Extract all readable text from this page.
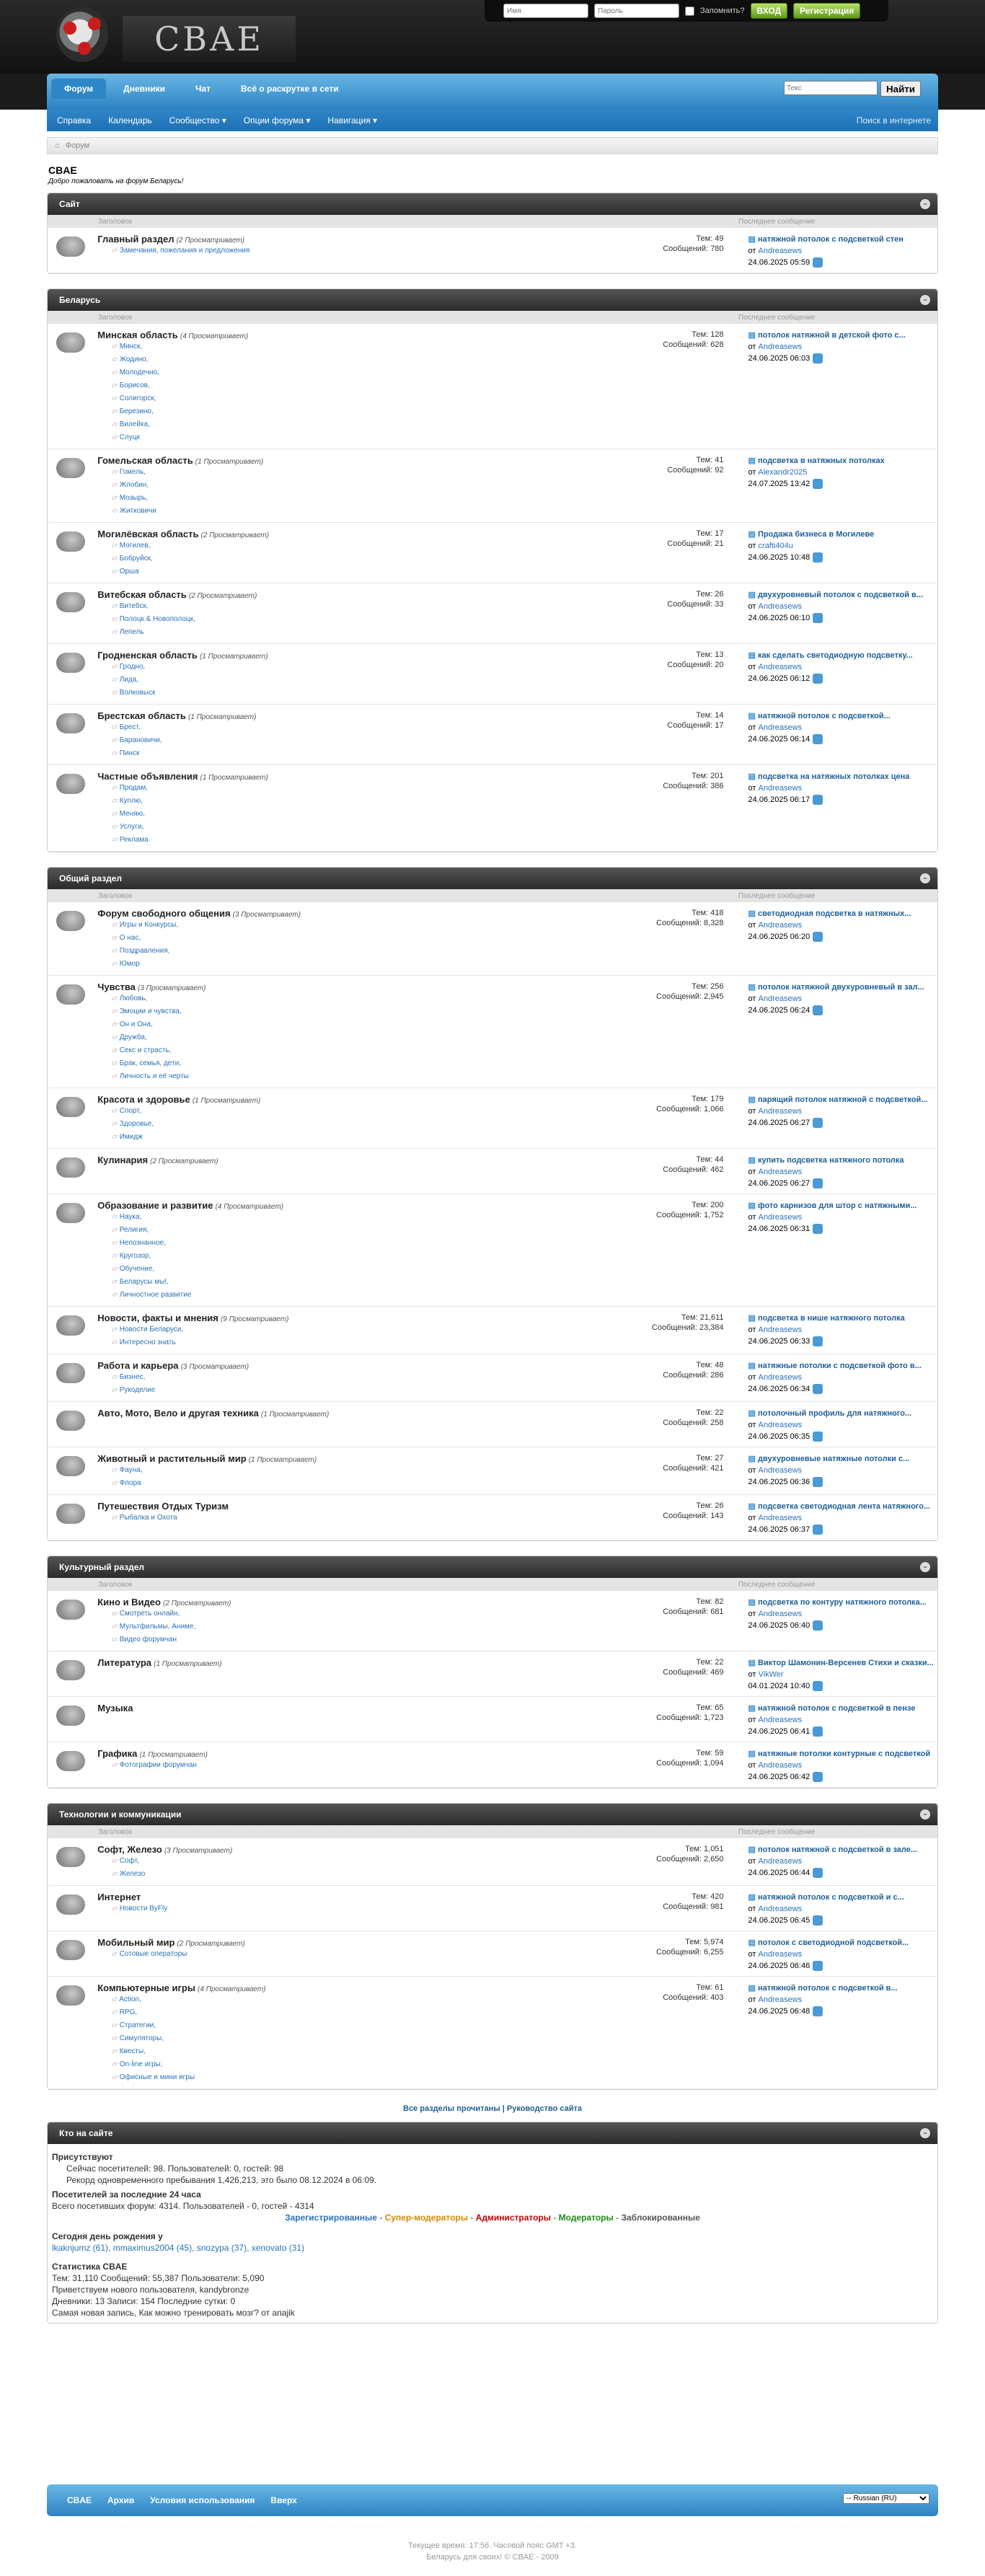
CBAE
Имя
Пароль
Запомнить?	ВХОД	Регистрация
Форум	Дневники	Чат	Всё о раскрутке в сети
Текс	Найти
Справка Календарь Сообщество ▾ Опции форума ▾ Навигация ▾	Поиск в интернете
⌂ Форум
CBAE
Добро пожаловать на форум Беларусь!
Сайт	−
Заголовок	Последнее сообщение
Главный раздел (2 Просматривает)
▱ Замечания, пожелания и предложения
Тем: 49
Сообщений: 780
▤ натяжной потолок с подсветкой стен
от Andreasews
24.06.2025 05:59
Беларусь	−
Заголовок	Последнее сообщение
Минская область (4 Просматривает)
▱ Минск,
▱ Жодино,
▱ Молодечно,
▱ Борисов,
▱ Солигорск,
▱ Березино,
▱ Вилейка,
▱ Слуцк
Тем: 128
Сообщений: 628
▤ потолок натяжной в детской фото с...
от Andreasews
24.06.2025 06:03
Гомельская область (1 Просматривает)
▱ Гомель,
▱ Жлобин,
▱ Мозырь,
▱ Житковичи
Тем: 41
Сообщений: 92
▤ подсветка в натяжных потолках
от Alexandr2025
24.07.2025 13:42
Могилёвская область (2 Просматривает)
▱ Могилев,
▱ Бобруйск,
▱ Орша
Тем: 17
Сообщений: 21
▤ Продажа бизнеса в Могилеве
от crafti404u
24.06.2025 10:48
Витебская область (2 Просматривает)
▱ Витебск,
▱ Полоцк & Новополоцк,
▱ Лепель
Тем: 26
Сообщений: 33
▤ двухуровневый потолок с подсветкой в...
от Andreasews
24.06.2025 06:10
Гродненская область (1 Просматривает)
▱ Гродно,
▱ Лида,
▱ Волковыск
Тем: 13
Сообщений: 20
▤ как сделать светодиодную подсветку...
от Andreasews
24.06.2025 06:12
Брестская область (1 Просматривает)
▱ Брест,
▱ Барановичи,
▱ Пинск
Тем: 14
Сообщений: 17
▤ натяжной потолок с подсветкой...
от Andreasews
24.06.2025 06:14
Частные объявления (1 Просматривает)
▱ Продам,
▱ Куплю,
▱ Меняю,
▱ Услуги,
▱ Реклама
Тем: 201
Сообщений: 386
▤ подсветка на натяжных потолках цена
от Andreasews
24.06.2025 06:17
Общий раздел	−
Заголовок	Последнее сообщение
Форум свободного общения (3 Просматривает)
▱ Игры и Конкурсы,
▱ О нас,
▱ Поздравления,
▱ Юмор
Тем: 418
Сообщений: 8,328
▤ светодиодная подсветка в натяжных...
от Andreasews
24.06.2025 06:20
Чувства (3 Просматривает)
▱ Любовь,
▱ Эмоции и чувства,
▱ Он и Она,
▱ Дружба,
▱ Секс и страсть,
▱ Брак, семья, дети,
▱ Личность и её черты
Тем: 256
Сообщений: 2,945
▤ потолок натяжной двухуровневый в зал...
от Andreasews
24.06.2025 06:24
Красота и здоровье (1 Просматривает)
▱ Спорт,
▱ Здоровье,
▱ Имидж
Тем: 179
Сообщений: 1,066
▤ парящий потолок натяжной с подсветкой...
от Andreasews
24.06.2025 06:27
Кулинария (2 Просматривает)	Тем: 44
Сообщений: 462
▤ купить подсветка натяжного потолка
от Andreasews
24.06.2025 06:27
Образование и развитие (4 Просматривает)
▱ Наука,
▱ Религия,
▱ Непознанное,
▱ Кругозор,
▱ Обучение,
▱ Беларусы мы!,
▱ Личностное развитие
Тем: 200
Сообщений: 1,752
▤ фото карнизов для штор с натяжными...
от Andreasews
24.06.2025 06:31
Новости, факты и мнения (9 Просматривает)
▱ Новости Беларуси,
▱ Интересно знать
Тем: 21,611
Сообщений: 23,384
▤ подсветка в нише натяжного потолка
от Andreasews
24.06.2025 06:33
Работа и карьера (3 Просматривает)
▱ Бизнес,
▱ Рукоделие
Тем: 48
Сообщений: 286
▤ натяжные потолки с подсветкой фото в...
от Andreasews
24.06.2025 06:34
Авто, Мото, Вело и другая техника (1 Просматривает)	Тем: 22
Сообщений: 258
▤ потолочный профиль для натяжного...
от Andreasews
24.06.2025 06:35
Животный и растительный мир (1 Просматривает)
▱ Фауна,
▱ Флора
Тем: 27
Сообщений: 421
▤ двухуровневые натяжные потолки с...
от Andreasews
24.06.2025 06:36
Путешествия Отдых Туризм
▱ Рыбалка и Охота
Тем: 26
Сообщений: 143
▤ подсветка светодиодная лента натяжного...
от Andreasews
24.06.2025 06:37
Культурный раздел	−
Заголовок	Последнее сообщение
Кино и Видео (2 Просматривает)
▱ Смотреть онлайн,
▱ Мультфильмы, Аниме,
▱ Видео форумчан
Тем: 82
Сообщений: 681
▤ подсветка по контуру натяжного потолка...
от Andreasews
24.06.2025 06:40
Литература (1 Просматривает)	Тем: 22
Сообщений: 469
▤ Виктор Шамонин-Версенев Стихи и сказки...
от VikWer
04.01.2024 10:40
Музыка	Тем: 65
Сообщений: 1,723
▤ натяжной потолок с подсветкой в пензе
от Andreasews
24.06.2025 06:41
Графика (1 Просматривает)
▱ Фотографии форумчан
Тем: 59
Сообщений: 1,094
▤ натяжные потолки контурные с подсветкой
от Andreasews
24.06.2025 06:42
Технологии и коммуникации	−
Заголовок	Последнее сообщение
Софт, Железо (3 Просматривает)
▱ Софт,
▱ Железо
Тем: 1,051
Сообщений: 2,650
▤ потолок натяжной с подсветкой в зале...
от Andreasews
24.06.2025 06:44
Интернет
▱ Новости ByFly
Тем: 420
Сообщений: 981
▤ натяжной потолок с подсветкой и с...
от Andreasews
24.06.2025 06:45
Мобильный мир (2 Просматривает)
▱ Сотовые операторы
Тем: 5,974
Сообщений: 6,255
▤ потолок с светодиодной подсветкой...
от Andreasews
24.06.2025 06:46
Компьютерные игры (4 Просматривает)
▱ Action,
▱ RPG,
▱ Стратегии,
▱ Симуляторы,
▱ Квесты,
▱ On-line игры,
▱ Офисные и мини игры
Тем: 61
Сообщений: 403
▤ натяжной потолок с подсветкой в...
от Andreasews
24.06.2025 06:48
Все разделы прочитаны | Руководство сайта
Кто на сайте	−
Присутствуют
Сейчас посетителей: 98. Пользователей: 0, гостей: 98
Рекорд одновременного пребывания 1,426,213, это было 08.12.2024 в 06:09.
Посетителей за последние 24 часа
Всего посетивших форум: 4314. Пользователей - 0, гостей - 4314
Зарегистрированные - Супер-модераторы - Администраторы - Модераторы - Заблокированные
Сегодня день рождения у
lkaknjumz (61), mmaximus2004 (45), snozypa (37), xenovato (31)
Статистика CBAE
Тем: 31,110 Сообщений: 55,387 Пользователи: 5,090
Приветствуем нового пользователя, kandybronze
Дневники: 13 Записи: 154 Последние сутки: 0
Самая новая запись, Как можно тренировать мозг? от anajik
CBAE Архив Условия использования Вверх
-- Russian (RU)
Текущее время: 17:56. Часовой пояс GMT +3.
Беларусь для своих! © CBAE - 2009
